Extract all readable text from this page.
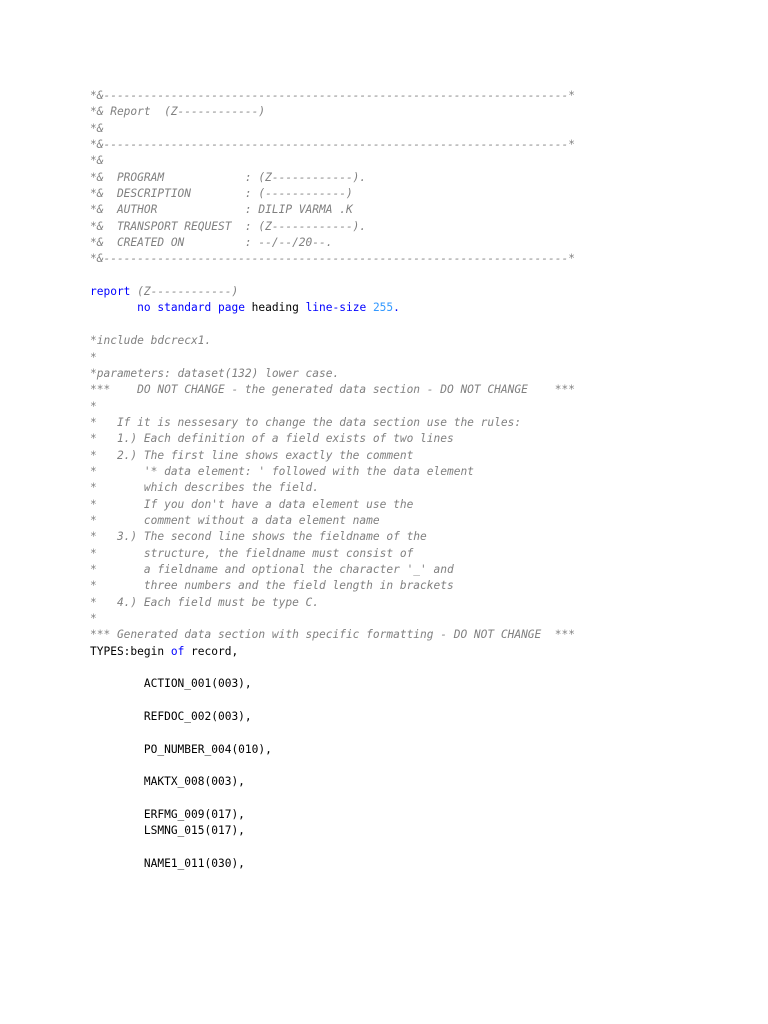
*&---------------------------------------------------------------------*
*& Report  (Z------------)
*&
*&---------------------------------------------------------------------*
*&
*&  PROGRAM            : (Z------------).
*&  DESCRIPTION        : (------------)
*&  AUTHOR             : DILIP VARMA .K
*&  TRANSPORT REQUEST  : (Z------------).
*&  CREATED ON         : --/--/20--.
*&---------------------------------------------------------------------*
report (Z------------)
no standard page heading line-size 255.
*include bdcrecx1.
*
*parameters: dataset(132) lower case.
***    DO NOT CHANGE - the generated data section - DO NOT CHANGE    ***
*
*   If it is nessesary to change the data section use the rules:
*   1.) Each definition of a field exists of two lines
*   2.) The first line shows exactly the comment
*       '* data element: ' followed with the data element
*       which describes the field.
*       If you don't have a data element use the
*       comment without a data element name
*   3.) The second line shows the fieldname of the
*       structure, the fieldname must consist of
*       a fieldname and optional the character '_' and
*       three numbers and the field length in brackets
*   4.) Each field must be type C.
*
*** Generated data section with specific formatting - DO NOT CHANGE  ***
TYPES:begin of record,
ACTION_001(003),
REFDOC_002(003),
PO_NUMBER_004(010),
MAKTX_008(003),
ERFMG_009(017),
LSMNG_015(017),
NAME1_011(030),
